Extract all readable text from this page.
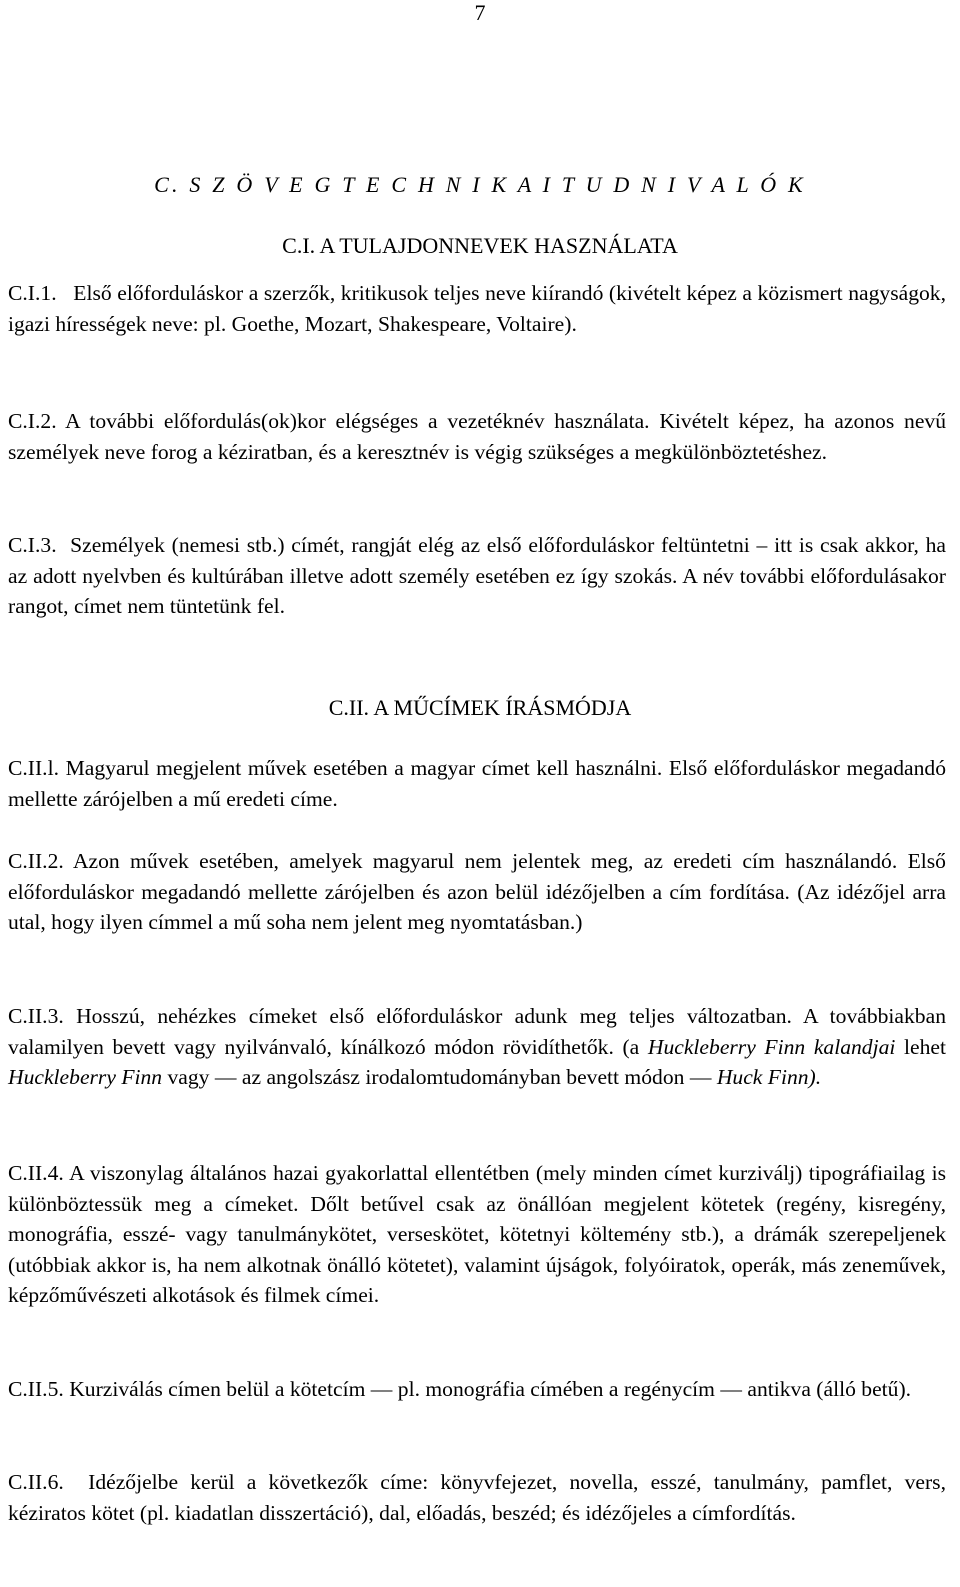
7
C. S Z Ö V E G T E C H N I K A I T U D N I V A L Ó K
C.I. A TULAJDONNEVEK HASZNÁLATA

C.I.1. Első előforduláskor a szerzők, kritikusok teljes neve kiírandó (kivételt képez a közismert nagyságok, igazi hírességek neve: pl. Goethe, Mozart, Shakespeare, Voltaire).

C.I.2. A további előfordulás(ok)kor elégséges a vezetéknév használata. Kivételt képez, ha azonos nevű személyek neve forog a kéziratban, és a keresztnév is végig szükséges a megkülönböztetéshez.

C.I.3. Személyek (nemesi stb.) címét, rangját elég az első előforduláskor feltüntetni – itt is csak akkor, ha az adott nyelvben és kultúrában illetve adott személy esetében ez így szokás. A név további előfordulásakor rangot, címet nem tüntetünk fel.

C.II. A MŰCÍMEK ÍRÁSMÓDJA

C.II.l. Magyarul megjelent művek esetében a magyar címet kell használni. Első előforduláskor megadandó mellette zárójelben a mű eredeti címe.

C.II.2. Azon művek esetében, amelyek magyarul nem jelentek meg, az eredeti cím használandó. Első előforduláskor megadandó mellette zárójelben és azon belül idézőjelben a cím fordítása. (Az idézőjel arra utal, hogy ilyen címmel a mű soha nem jelent meg nyomtatásban.)

C.II.3. Hosszú, nehézkes címeket első előforduláskor adunk meg teljes változatban. A továbbiakban valamilyen bevett vagy nyilvánvaló, kínálkozó módon rövidíthetők. (a Huckleberry Finn kalandjai lehet Huckleberry Finn vagy — az angolszász irodalomtudományban bevett módon — Huck Finn).

C.II.4. A viszonylag általános hazai gyakorlattal ellentétben (mely minden címet kurziválj) tipográfiailag is különböztessük meg a címeket. Dőlt betűvel csak az önállóan megjelent kötetek (regény, kisregény, monográfia, esszé- vagy tanulmánykötet, verseskötet, kötetnyi költemény stb.), a drámák szerepeljenek (utóbbiak akkor is, ha nem alkotnak önálló kötetet), valamint újságok, folyóiratok, operák, más zeneművek, képzőművészeti alkotások és filmek címei.

C.II.5. Kurziválás címen belül a kötetcím — pl. monográfia címében a regénycím — antikva (álló betű).

C.II.6. Idézőjelbe kerül a következők címe: könyvfejezet, novella, esszé, tanulmány, pamflet, vers, kéziratos kötet (pl. kiadatlan disszertáció), dal, előadás, beszéd; és idézőjeles a címfordítás.
